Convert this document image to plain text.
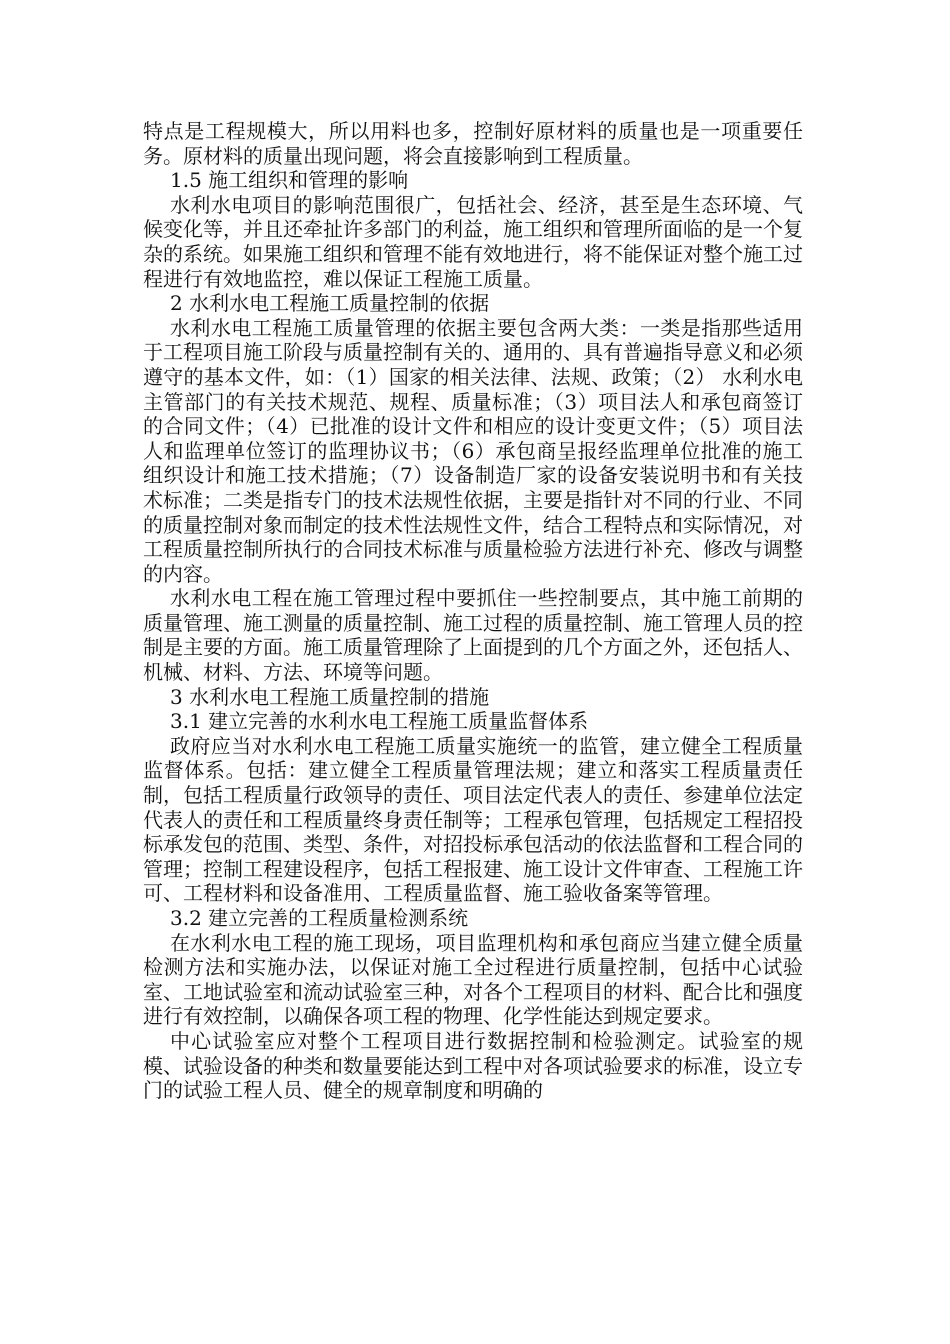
特点是工程规模大，所以用料也多，控制好原材料的质量也是一项重要任务。原材料的质量出现问题，将会直接影响到工程质量。

1.5 施工组织和管理的影响

水利水电项目的影响范围很广，包括社会、经济，甚至是生态环境、气候变化等，并且还牵扯许多部门的利益，施工组织和管理所面临的是一个复杂的系统。如果施工组织和管理不能有效地进行，将不能保证对整个施工过程进行有效地监控，难以保证工程施工质量。

2 水利水电工程施工质量控制的依据

水利水电工程施工质量管理的依据主要包含两大类：一类是指那些适用于工程项目施工阶段与质量控制有关的、通用的、具有普遍指导意义和必须遵守的基本文件，如：（1）国家的相关法律、法规、政策；（2） 水利水电主管部门的有关技术规范、规程、质量标准；（3）项目法人和承包商签订的合同文件；（4）已批准的设计文件和相应的设计变更文件；（5）项目法人和监理单位签订的监理协议书；（6）承包商呈报经监理单位批准的施工组织设计和施工技术措施；（7）设备制造厂家的设备安装说明书和有关技术标准；二类是指专门的技术法规性依据，主要是指针对不同的行业、不同的质量控制对象而制定的技术性法规性文件，结合工程特点和实际情况，对工程质量控制所执行的合同技术标准与质量检验方法进行补充、修改与调整的内容。

水利水电工程在施工管理过程中要抓住一些控制要点，其中施工前期的质量管理、施工测量的质量控制、施工过程的质量控制、施工管理人员的控制是主要的方面。施工质量管理除了上面提到的几个方面之外，还包括人、机械、材料、方法、环境等问题。

3 水利水电工程施工质量控制的措施

3.1 建立完善的水利水电工程施工质量监督体系

政府应当对水利水电工程施工质量实施统一的监管，建立健全工程质量监督体系。包括：建立健全工程质量管理法规；建立和落实工程质量责任制，包括工程质量行政领导的责任、项目法定代表人的责任、参建单位法定代表人的责任和工程质量终身责任制等；工程承包管理，包括规定工程招投标承发包的范围、类型、条件，对招投标承包活动的依法监督和工程合同的管理；控制工程建设程序，包括工程报建、施工设计文件审查、工程施工许可、工程材料和设备准用、工程质量监督、施工验收备案等管理。

3.2 建立完善的工程质量检测系统

在水利水电工程的施工现场，项目监理机构和承包商应当建立健全质量检测方法和实施办法，以保证对施工全过程进行质量控制，包括中心试验室、工地试验室和流动试验室三种，对各个工程项目的材料、配合比和强度进行有效控制，以确保各项工程的物理、化学性能达到规定要求。

中心试验室应对整个工程项目进行数据控制和检验测定。试验室的规模、试验设备的种类和数量要能达到工程中对各项试验要求的标准，设立专门的试验工程人员、健全的规章制度和明确的
